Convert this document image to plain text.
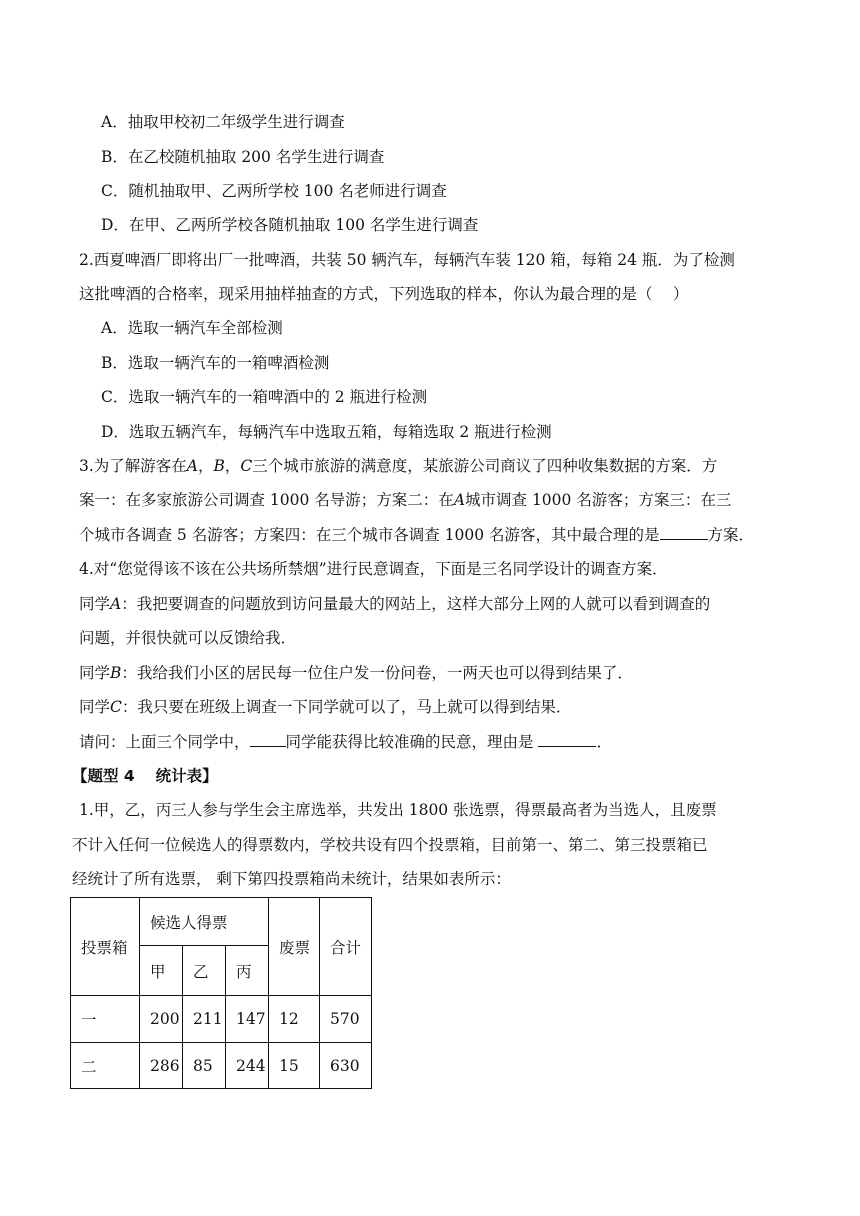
A．抽取甲校初二年级学生进行调查
B．在乙校随机抽取 200 名学生进行调查
C．随机抽取甲、乙两所学校 100 名老师进行调查
D．在甲、乙两所学校各随机抽取 100 名学生进行调查
2.西夏啤酒厂即将出厂一批啤酒，共装 50 辆汽车，每辆汽车装 120 箱，每箱 24 瓶．为了检测
这批啤酒的合格率，现采用抽样抽查的方式，下列选取的样本，你认为最合理的是（　 ）
A．选取一辆汽车全部检测
B．选取一辆汽车的一箱啤酒检测
C．选取一辆汽车的一箱啤酒中的 2 瓶进行检测
D．选取五辆汽车，每辆汽车中选取五箱，每箱选取 2 瓶进行检测
3.为了解游客在A，B，C三个城市旅游的满意度，某旅游公司商议了四种收集数据的方案．方
案一：在多家旅游公司调查 1000 名导游；方案二：在A城市调查 1000 名游客；方案三：在三
个城市各调查 5 名游客；方案四：在三个城市各调查 1000 名游客，其中最合理的是	方案．
4.对“您觉得该不该在公共场所禁烟”进行民意调查，下面是三名同学设计的调查方案．
同学A：我把要调查的问题放到访问量最大的网站上，这样大部分上网的人就可以看到调查的
问题，并很快就可以反馈给我．
同学B：我给我们小区的居民每一位住户发一份问卷，一两天也可以得到结果了．
同学C：我只要在班级上调查一下同学就可以了，马上就可以得到结果．
请问：上面三个同学中， 同学能获得比较准确的民意，理由是	．
【题型 4　 统计表】
1.甲，乙，丙三人参与学生会主席选举，共发出 1800 张选票，得票最高者为当选人，且废票
不计入任何一位候选人的得票数内，学校共设有四个投票箱，目前第一、第二、第三投票箱已
经统计了所有选票， 剩下第四投票箱尚未统计，结果如表所示：
投票箱	候选人得票			废票	合计
	甲	乙	丙		
一	200	211	147	12	570
二	286	85	244	15	630
